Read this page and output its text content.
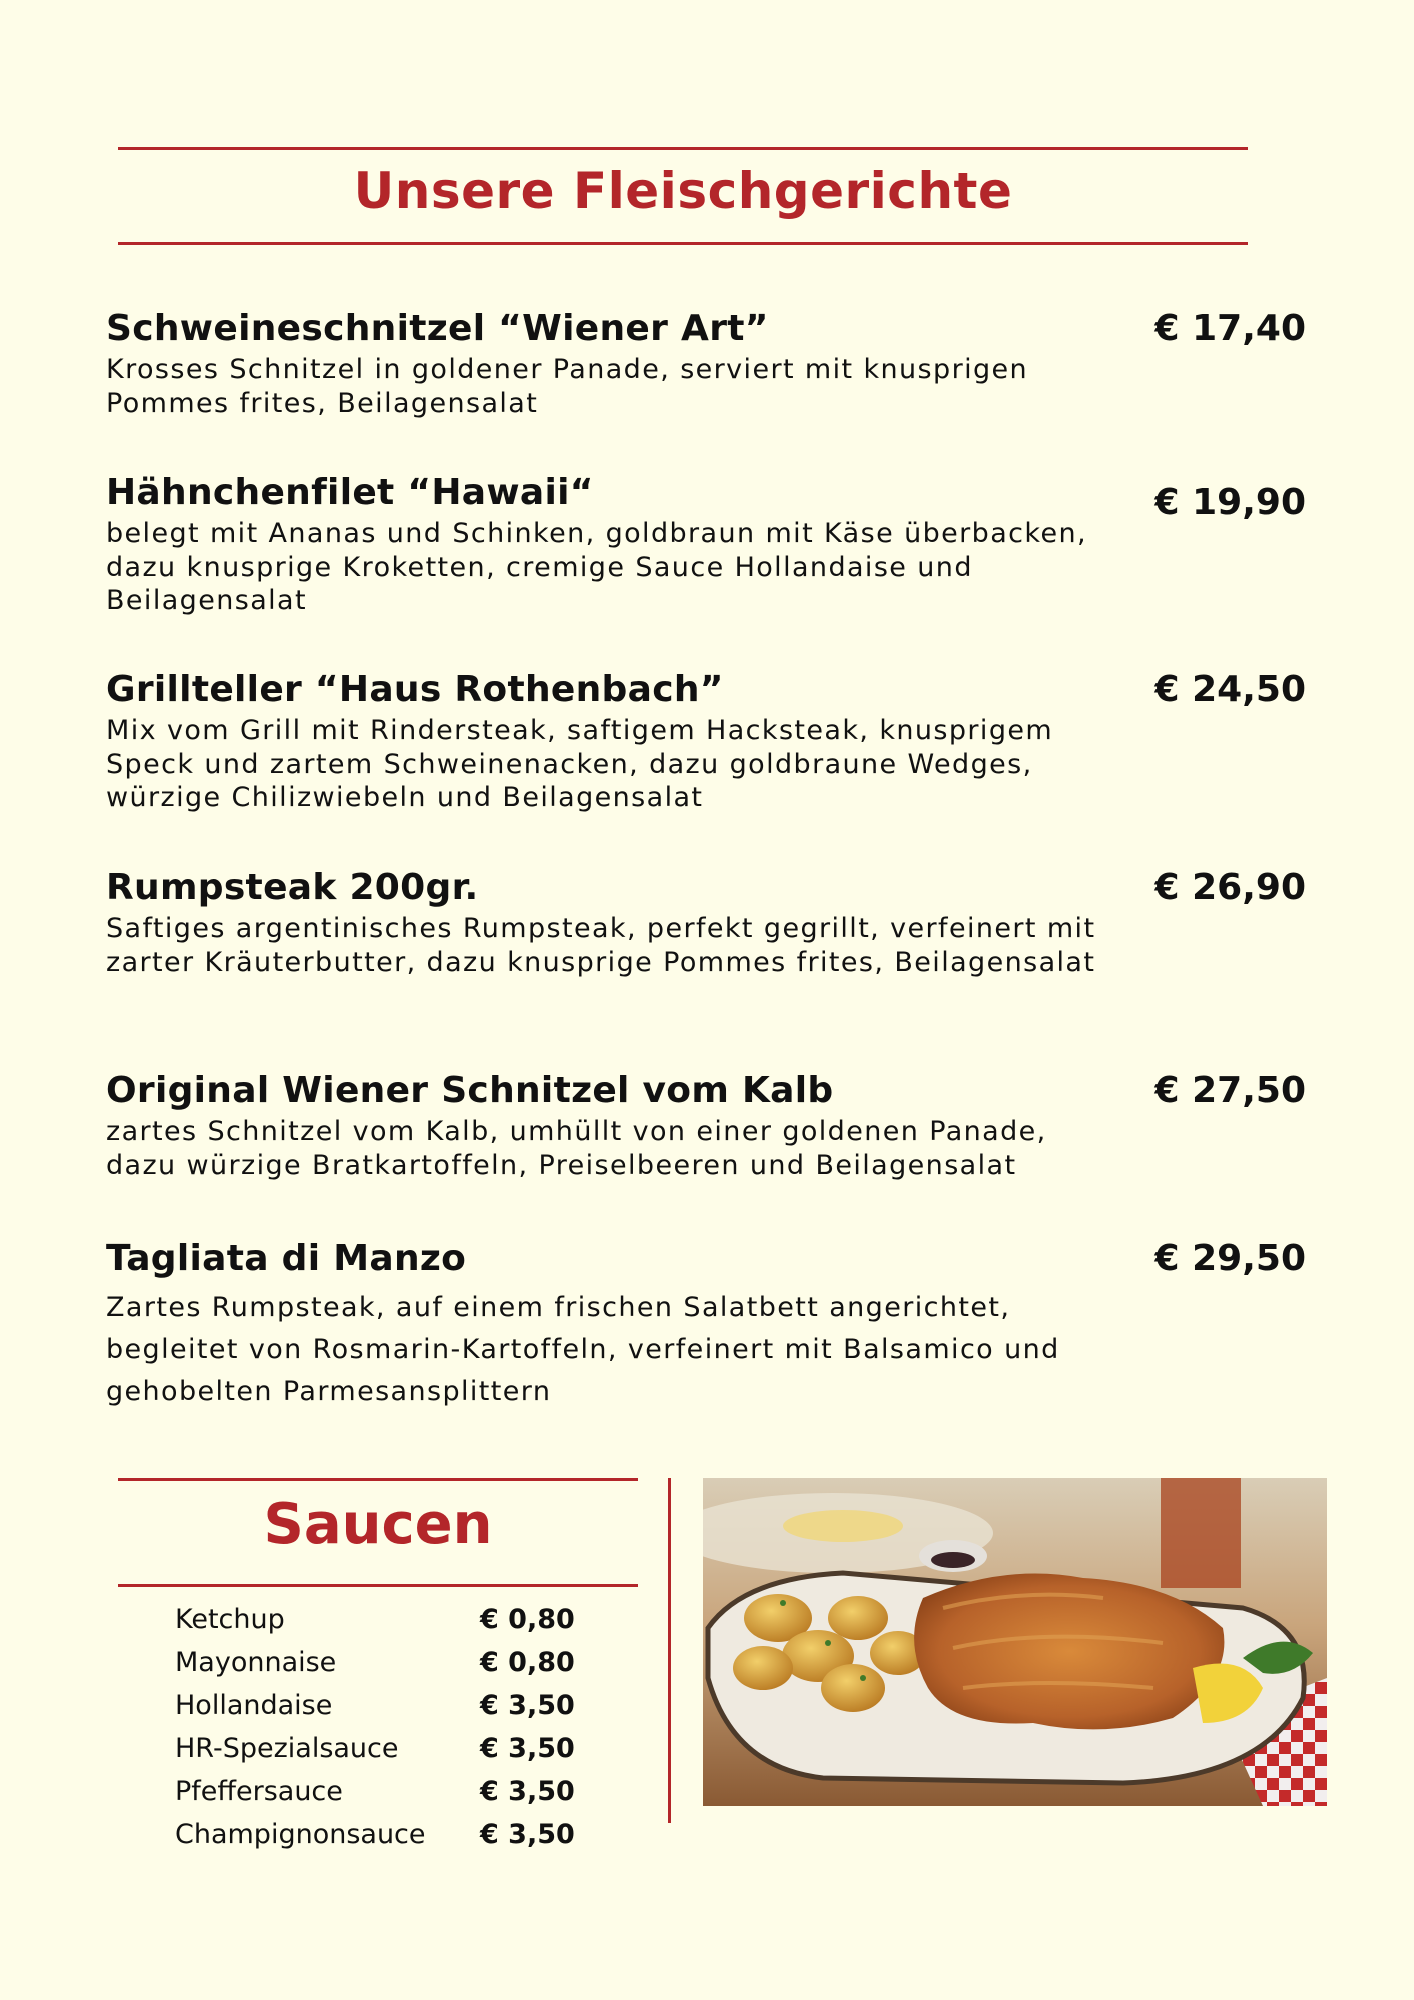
Unsere Fleischgerichte
Schweineschnitzel “Wiener Art”
Krosses Schnitzel in goldener Panade, serviert mit knusprigen Pommes frites, Beilagensalat
€ 17,40
Hähnchenfilet “Hawaii“
belegt mit Ananas und Schinken, goldbraun mit Käse überbacken, dazu knusprige Kroketten, cremige Sauce Hollandaise und Beilagensalat
€ 19,90
Grillteller “Haus Rothenbach”
Mix vom Grill mit Rindersteak, saftigem Hacksteak, knusprigem Speck und zartem Schweinenacken, dazu goldbraune Wedges, würzige Chilizwiebeln und Beilagensalat
€ 24,50
Rumpsteak 200gr.
Saftiges argentinisches Rumpsteak, perfekt gegrillt, verfeinert mit zarter Kräuterbutter, dazu knusprige Pommes frites, Beilagensalat
€ 26,90
Original Wiener Schnitzel vom Kalb
zartes Schnitzel vom Kalb, umhüllt von einer goldenen Panade, dazu würzige Bratkartoffeln, Preiselbeeren und Beilagensalat
€ 27,50
Tagliata di Manzo
Zartes Rumpsteak, auf einem frischen Salatbett angerichtet, begleitet von Rosmarin-Kartoffeln, verfeinert mit Balsamico und gehobelten Parmesansplittern
€ 29,50
Saucen
Ketchup	€ 0,80
Mayonnaise	€ 0,80
Hollandaise	€ 3,50
HR-Spezialsauce	€ 3,50
Pfeffersauce	€ 3,50
Champignonsauce € 3,50
